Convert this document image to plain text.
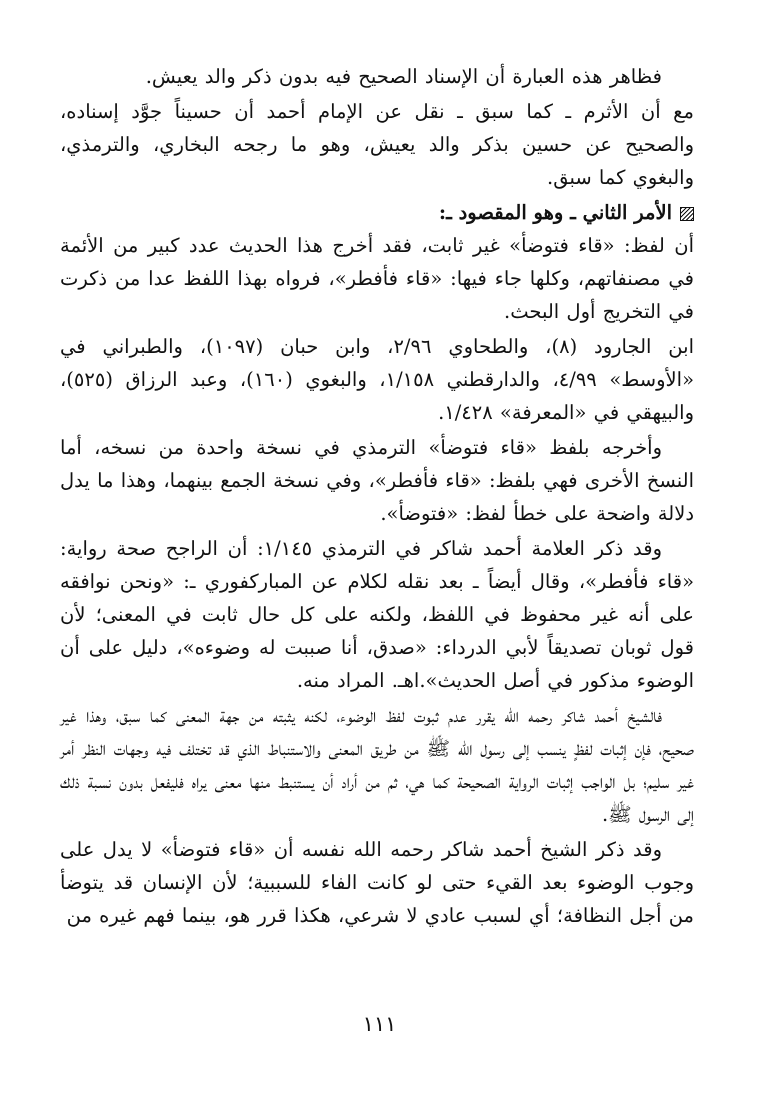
فظاهر هذه العبارة أن الإسناد الصحيح فيه بدون ذكر والد يعيش.

مع أن الأثرم ـ كما سبق ـ نقل عن الإمام أحمد أن حسيناً جوَّد إسناده، والصحيح عن حسين بذكر والد يعيش، وهو ما رجحه البخاري، والترمذي، والبغوي كما سبق.

الأمر الثاني ـ وهو المقصود ـ:

أن لفظ: «قاء فتوضأ» غير ثابت، فقد أخرج هذا الحديث عدد كبير من الأئمة في مصنفاتهم، وكلها جاء فيها: «قاء فأفطر»، فرواه بهذا اللفظ عدا من ذكرت في التخريج أول البحث.

ابن الجارود (٨)، والطحاوي ٢/٩٦، وابن حبان (١٠٩٧)، والطبراني في «الأوسط» ٤/٩٩، والدارقطني ١/١٥٨، والبغوي (١٦٠)، وعبد الرزاق (٥٢٥)، والبيهقي في «المعرفة» ١/٤٢٨.

وأخرجه بلفظ «قاء فتوضأ» الترمذي في نسخة واحدة من نسخه، أما النسخ الأخرى فهي بلفظ: «قاء فأفطر»، وفي نسخة الجمع بينهما، وهذا ما يدل دلالة واضحة على خطأ لفظ: «فتوضأ».

وقد ذكر العلامة أحمد شاكر في الترمذي ١/١٤٥: أن الراجح صحة رواية: «قاء فأفطر»، وقال أيضاً ـ بعد نقله لكلام عن المباركفوري ـ: «ونحن نوافقه على أنه غير محفوظ في اللفظ، ولكنه على كل حال ثابت في المعنى؛ لأن قول ثوبان تصديقاً لأبي الدرداء: «صدق، أنا صببت له وضوءه»، دليل على أن الوضوء مذكور في أصل الحديث».اهـ. المراد منه.

فالشيخ أحمد شاكر رحمه الله يقرر عدم ثبوت لفظ الوضوء، لكنه يثبته من جهة المعنى كما سبق، وهذا غير صحيح، فإن إثبات لفظٍ ينسب إلى رسول الله ﷺ من طريق المعنى والاستنباط الذي قد تختلف فيه وجهات النظر أمر غير سليم؛ بل الواجب إثبات الرواية الصحيحة كما هي، ثم من أراد أن يستنبط منها معنى يراه فليفعل بدون نسبة ذلك إلى الرسول ﷺ.

وقد ذكر الشيخ أحمد شاكر رحمه الله نفسه أن «قاء فتوضأ» لا يدل على وجوب الوضوء بعد القيء حتى لو كانت الفاء للسببية؛ لأن الإنسان قد يتوضأ من أجل النظافة؛ أي لسبب عادي لا شرعي، هكذا قرر هو، بينما فهم غيره من

١١١
